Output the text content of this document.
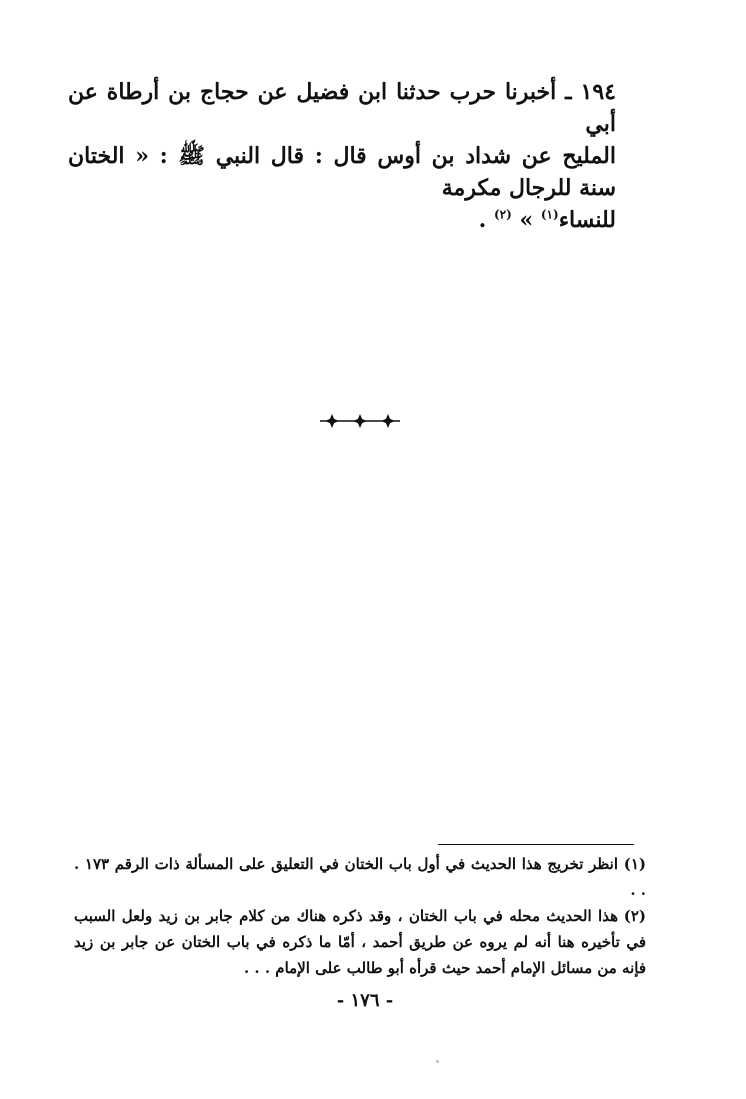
١٩٤ ـ أخبرنا حرب حدثنا ابن فضيل عن حجاج بن أرطاة عن أبي

المليح عن شداد بن أوس قال : قال النبي ﷺ : « الختان سنة للرجال مكرمة

للنساء$^{(١)}$ » $^{(٢)}$ .

(١)انظر تخريج هذا الحديث في أول باب الختان في التعليق على المسألة ذات الرقم ١٧٣ . . .

(٢)هذا الحديث محله في باب الختان ، وقد ذكره هناك من كلام جابر بن زيد ولعل السبب في تأخيره هنا أنه لم يروه عن طريق أحمد ، أمّا ما ذكره في باب الختان عن جابر بن زيد فإنه من مسائل الإمام أحمد حيث قرأه أبو طالب على الإمام . . .

- ١٧٦ -
